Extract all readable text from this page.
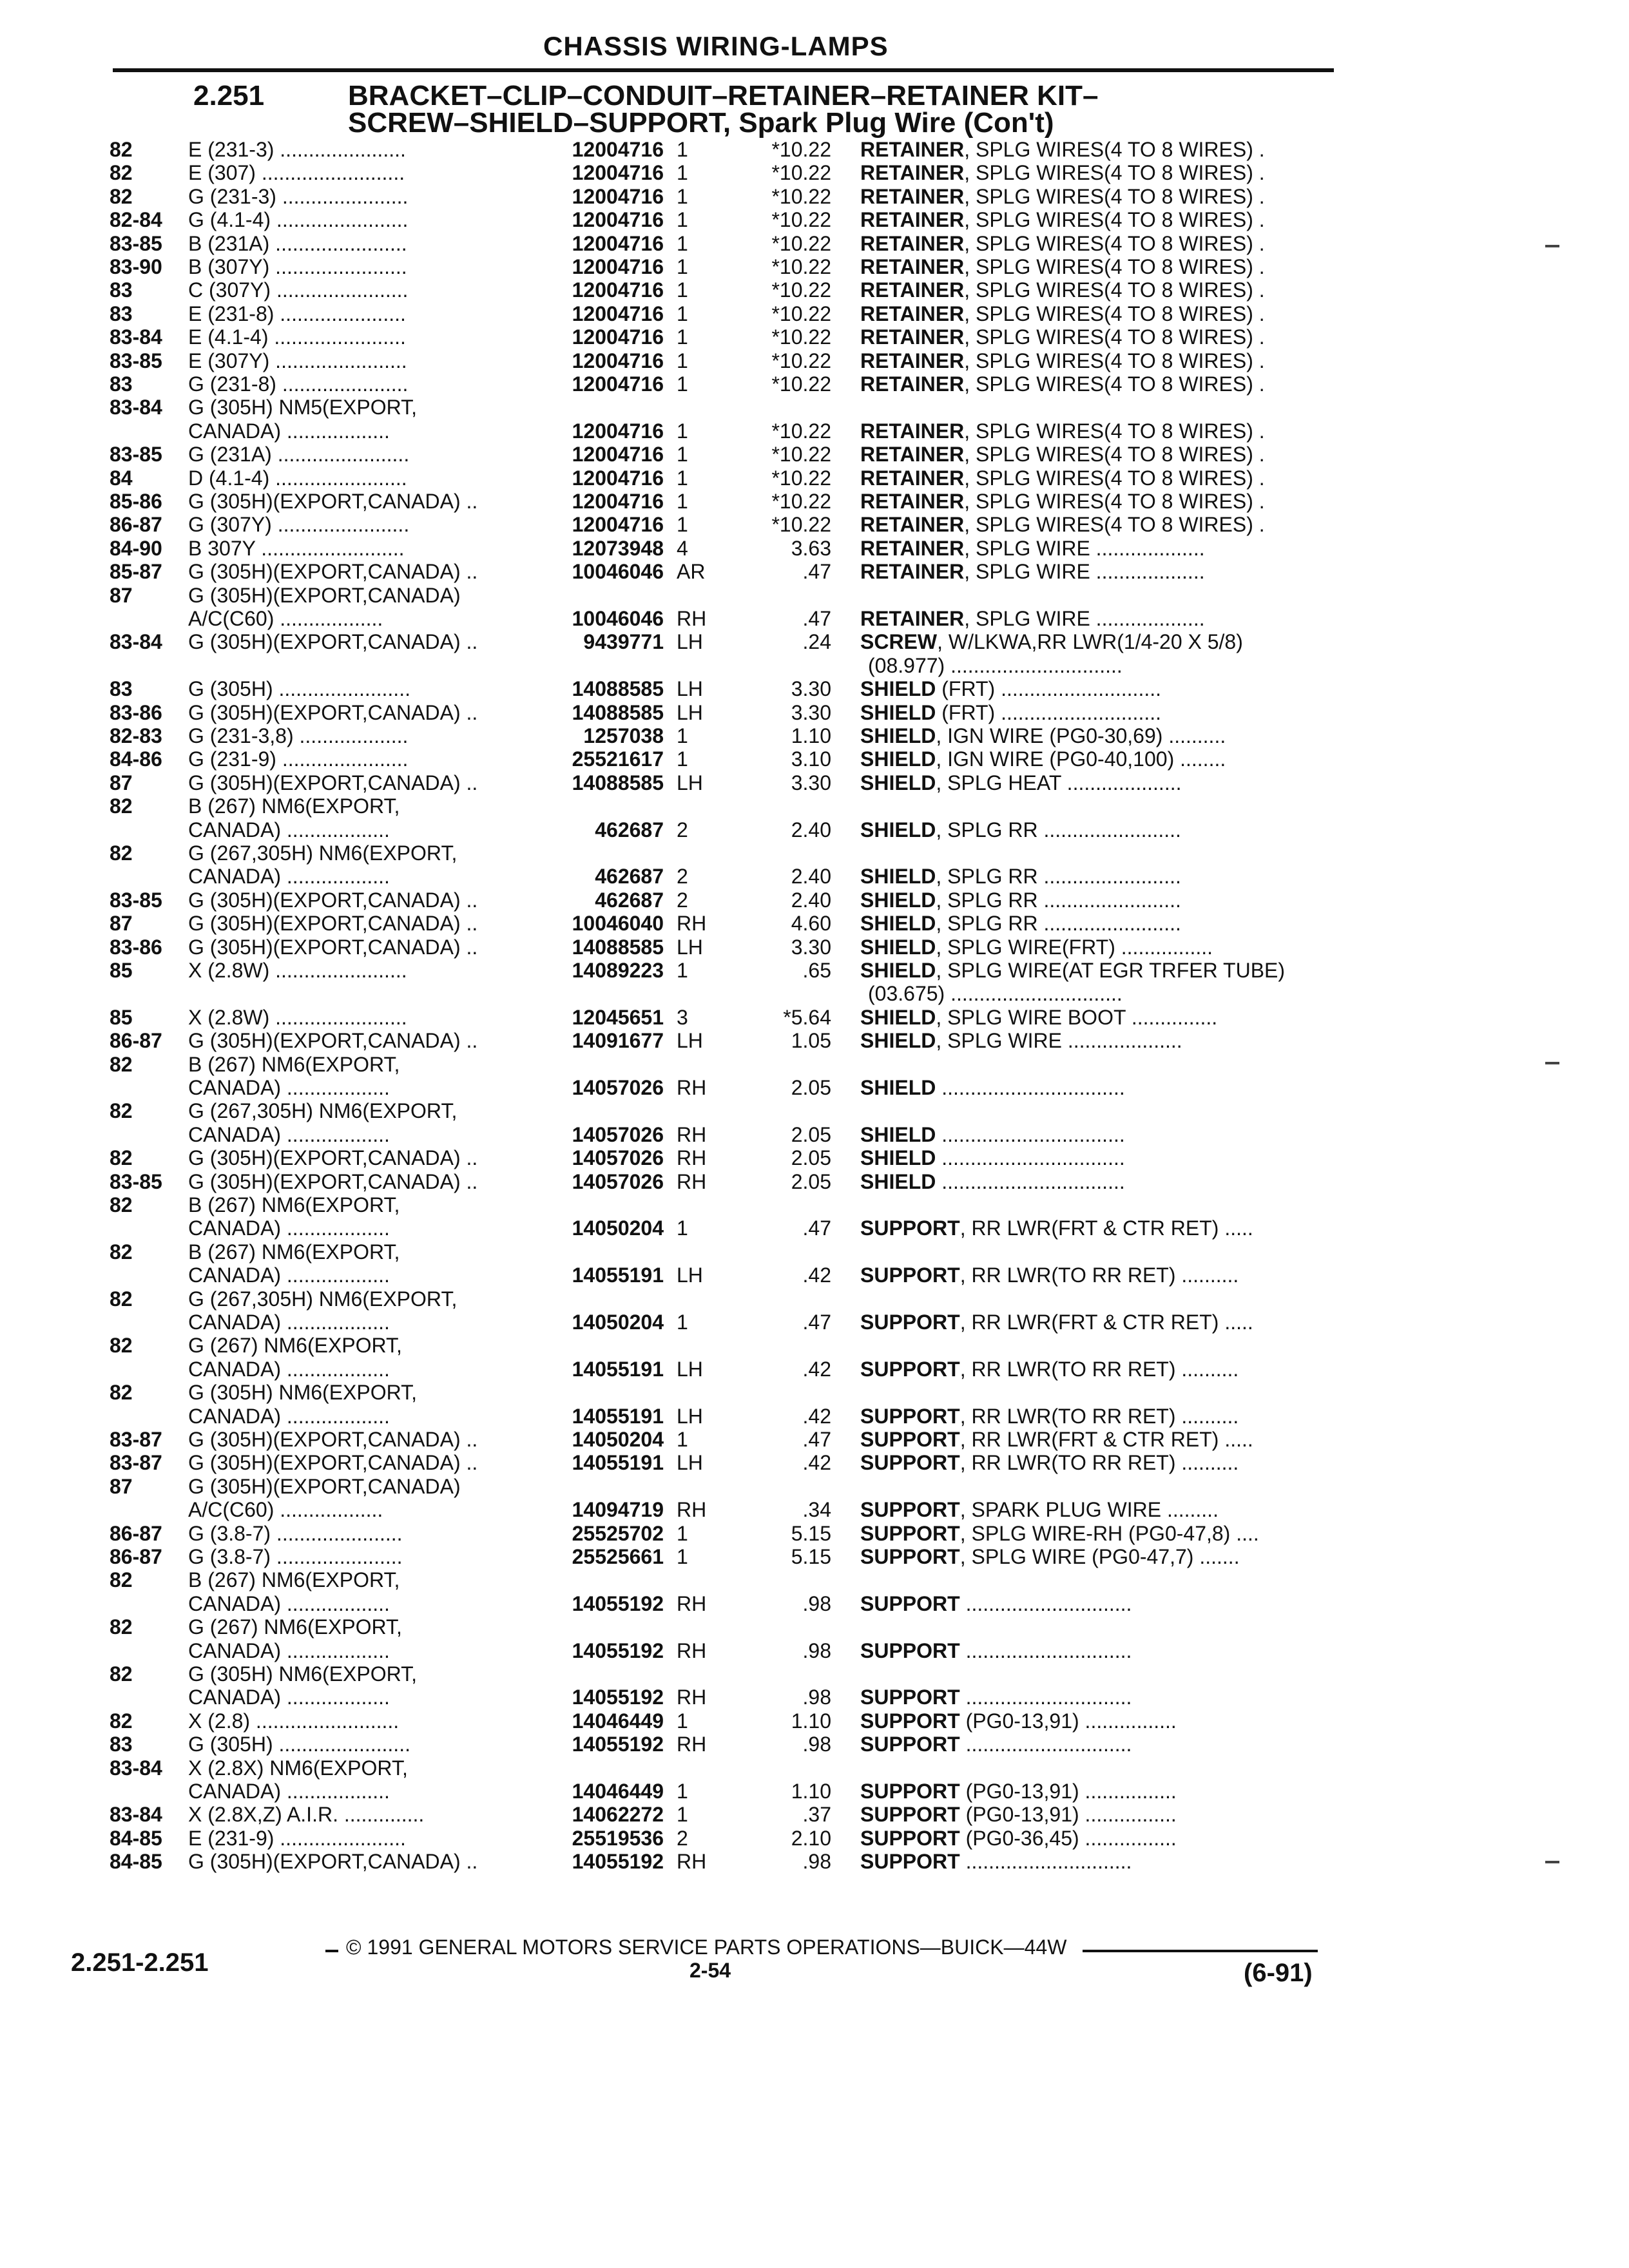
CHASSIS WIRING-LAMPS
2.251	BRACKET–CLIP–CONDUIT–RETAINER–RETAINER KIT–
SCREW–SHIELD–SUPPORT, Spark Plug Wire (Con't)
82	E (231-3) ......................	12004716 1	*10.22 RETAINER, SPLG WIRES(4 TO 8 WIRES) .
82	E (307) .........................	12004716 1	*10.22 RETAINER, SPLG WIRES(4 TO 8 WIRES) .
82	G (231-3) ......................	12004716 1	*10.22 RETAINER, SPLG WIRES(4 TO 8 WIRES) .
82-84 G (4.1-4) .......................	12004716 1	*10.22 RETAINER, SPLG WIRES(4 TO 8 WIRES) .
83-85 B (231A) .......................	12004716 1	*10.22 RETAINER, SPLG WIRES(4 TO 8 WIRES) .
83-90 B (307Y) .......................	12004716 1	*10.22 RETAINER, SPLG WIRES(4 TO 8 WIRES) .
83	C (307Y) .......................	12004716 1	*10.22 RETAINER, SPLG WIRES(4 TO 8 WIRES) .
83	E (231-8) ......................	12004716 1	*10.22 RETAINER, SPLG WIRES(4 TO 8 WIRES) .
83-84 E (4.1-4) .......................	12004716 1	*10.22 RETAINER, SPLG WIRES(4 TO 8 WIRES) .
83-85 E (307Y) .......................	12004716 1	*10.22 RETAINER, SPLG WIRES(4 TO 8 WIRES) .
83	G (231-8) ......................	12004716 1	*10.22 RETAINER, SPLG WIRES(4 TO 8 WIRES) .
83-84 G (305H) NM5(EXPORT,
CANADA) ..................	12004716 1	*10.22 RETAINER, SPLG WIRES(4 TO 8 WIRES) .
83-85 G (231A) .......................	12004716 1	*10.22 RETAINER, SPLG WIRES(4 TO 8 WIRES) .
84	D (4.1-4) .......................	12004716 1	*10.22 RETAINER, SPLG WIRES(4 TO 8 WIRES) .
85-86 G (305H)(EXPORT,CANADA) ..	12004716 1	*10.22 RETAINER, SPLG WIRES(4 TO 8 WIRES) .
86-87 G (307Y) .......................	12004716 1	*10.22 RETAINER, SPLG WIRES(4 TO 8 WIRES) .
84-90 B 307Y .........................	12073948 4	3.63 RETAINER, SPLG WIRE ...................
85-87 G (305H)(EXPORT,CANADA) ..	10046046 AR	.47 RETAINER, SPLG WIRE ...................
87	G (305H)(EXPORT,CANADA)
A/C(C60) ..................	10046046 RH	.47 RETAINER, SPLG WIRE ...................
83-84 G (305H)(EXPORT,CANADA) ..	9439771 LH	.24 SCREW, W/LKWA,RR LWR(1/4-20 X 5/8)
(08.977) ..............................
83	G (305H) .......................	14088585 LH	3.30 SHIELD (FRT) ............................
83-86 G (305H)(EXPORT,CANADA) ..	14088585 LH	3.30 SHIELD (FRT) ............................
82-83 G (231-3,8) ...................	1257038 1	1.10 SHIELD, IGN WIRE (PG0-30,69) ..........
84-86 G (231-9) ......................	25521617 1	3.10 SHIELD, IGN WIRE (PG0-40,100) ........
87	G (305H)(EXPORT,CANADA) ..	14088585 LH	3.30 SHIELD, SPLG HEAT ....................
82	B (267) NM6(EXPORT,
CANADA) ..................	462687 2	2.40 SHIELD, SPLG RR ........................
82	G (267,305H) NM6(EXPORT,
CANADA) ..................	462687 2	2.40 SHIELD, SPLG RR ........................
83-85 G (305H)(EXPORT,CANADA) ..	462687 2	2.40 SHIELD, SPLG RR ........................
87	G (305H)(EXPORT,CANADA) ..	10046040 RH	4.60 SHIELD, SPLG RR ........................
83-86 G (305H)(EXPORT,CANADA) ..	14088585 LH	3.30 SHIELD, SPLG WIRE(FRT) ................
85	X (2.8W) .......................	14089223 1	.65 SHIELD, SPLG WIRE(AT EGR TRFER TUBE)
(03.675) ..............................
85	X (2.8W) .......................	12045651 3	*5.64 SHIELD, SPLG WIRE BOOT ...............
86-87 G (305H)(EXPORT,CANADA) ..	14091677 LH	1.05 SHIELD, SPLG WIRE ....................
82	B (267) NM6(EXPORT,
CANADA) ..................	14057026 RH	2.05 SHIELD ................................
82	G (267,305H) NM6(EXPORT,
CANADA) ..................	14057026 RH	2.05 SHIELD ................................
82	G (305H)(EXPORT,CANADA) ..	14057026 RH	2.05 SHIELD ................................
83-85 G (305H)(EXPORT,CANADA) ..	14057026 RH	2.05 SHIELD ................................
82	B (267) NM6(EXPORT,
CANADA) ..................	14050204 1	.47 SUPPORT, RR LWR(FRT & CTR RET) .....
82	B (267) NM6(EXPORT,
CANADA) ..................	14055191 LH	.42 SUPPORT, RR LWR(TO RR RET) ..........
82	G (267,305H) NM6(EXPORT,
CANADA) ..................	14050204 1	.47 SUPPORT, RR LWR(FRT & CTR RET) .....
82	G (267) NM6(EXPORT,
CANADA) ..................	14055191 LH	.42 SUPPORT, RR LWR(TO RR RET) ..........
82	G (305H) NM6(EXPORT,
CANADA) ..................	14055191 LH	.42 SUPPORT, RR LWR(TO RR RET) ..........
83-87 G (305H)(EXPORT,CANADA) ..	14050204 1	.47 SUPPORT, RR LWR(FRT & CTR RET) .....
83-87 G (305H)(EXPORT,CANADA) ..	14055191 LH	.42 SUPPORT, RR LWR(TO RR RET) ..........
87	G (305H)(EXPORT,CANADA)
A/C(C60) ..................	14094719 RH	.34 SUPPORT, SPARK PLUG WIRE .........
86-87 G (3.8-7) ......................	25525702 1	5.15 SUPPORT, SPLG WIRE-RH (PG0-47,8) ....
86-87 G (3.8-7) ......................	25525661 1	5.15 SUPPORT, SPLG WIRE (PG0-47,7) .......
82	B (267) NM6(EXPORT,
CANADA) ..................	14055192 RH	.98 SUPPORT .............................
82	G (267) NM6(EXPORT,
CANADA) ..................	14055192 RH	.98 SUPPORT .............................
82	G (305H) NM6(EXPORT,
CANADA) ..................	14055192 RH	.98 SUPPORT .............................
82	X (2.8) .........................	14046449 1	1.10 SUPPORT (PG0-13,91) ................
83	G (305H) .......................	14055192 RH	.98 SUPPORT .............................
83-84 X (2.8X) NM6(EXPORT,
CANADA) ..................	14046449 1	1.10 SUPPORT (PG0-13,91) ................
83-84 X (2.8X,Z) A.I.R. ..............	14062272 1	.37 SUPPORT (PG0-13,91) ................
84-85 E (231-9) ......................	25519536 2	2.10 SUPPORT (PG0-36,45) ................
84-85 G (305H)(EXPORT,CANADA) ..	14055192 RH	.98 SUPPORT .............................
© 1991 GENERAL MOTORS SERVICE PARTS OPERATIONS—BUICK—44W
2.251-2.251	2-54	(6-91)
